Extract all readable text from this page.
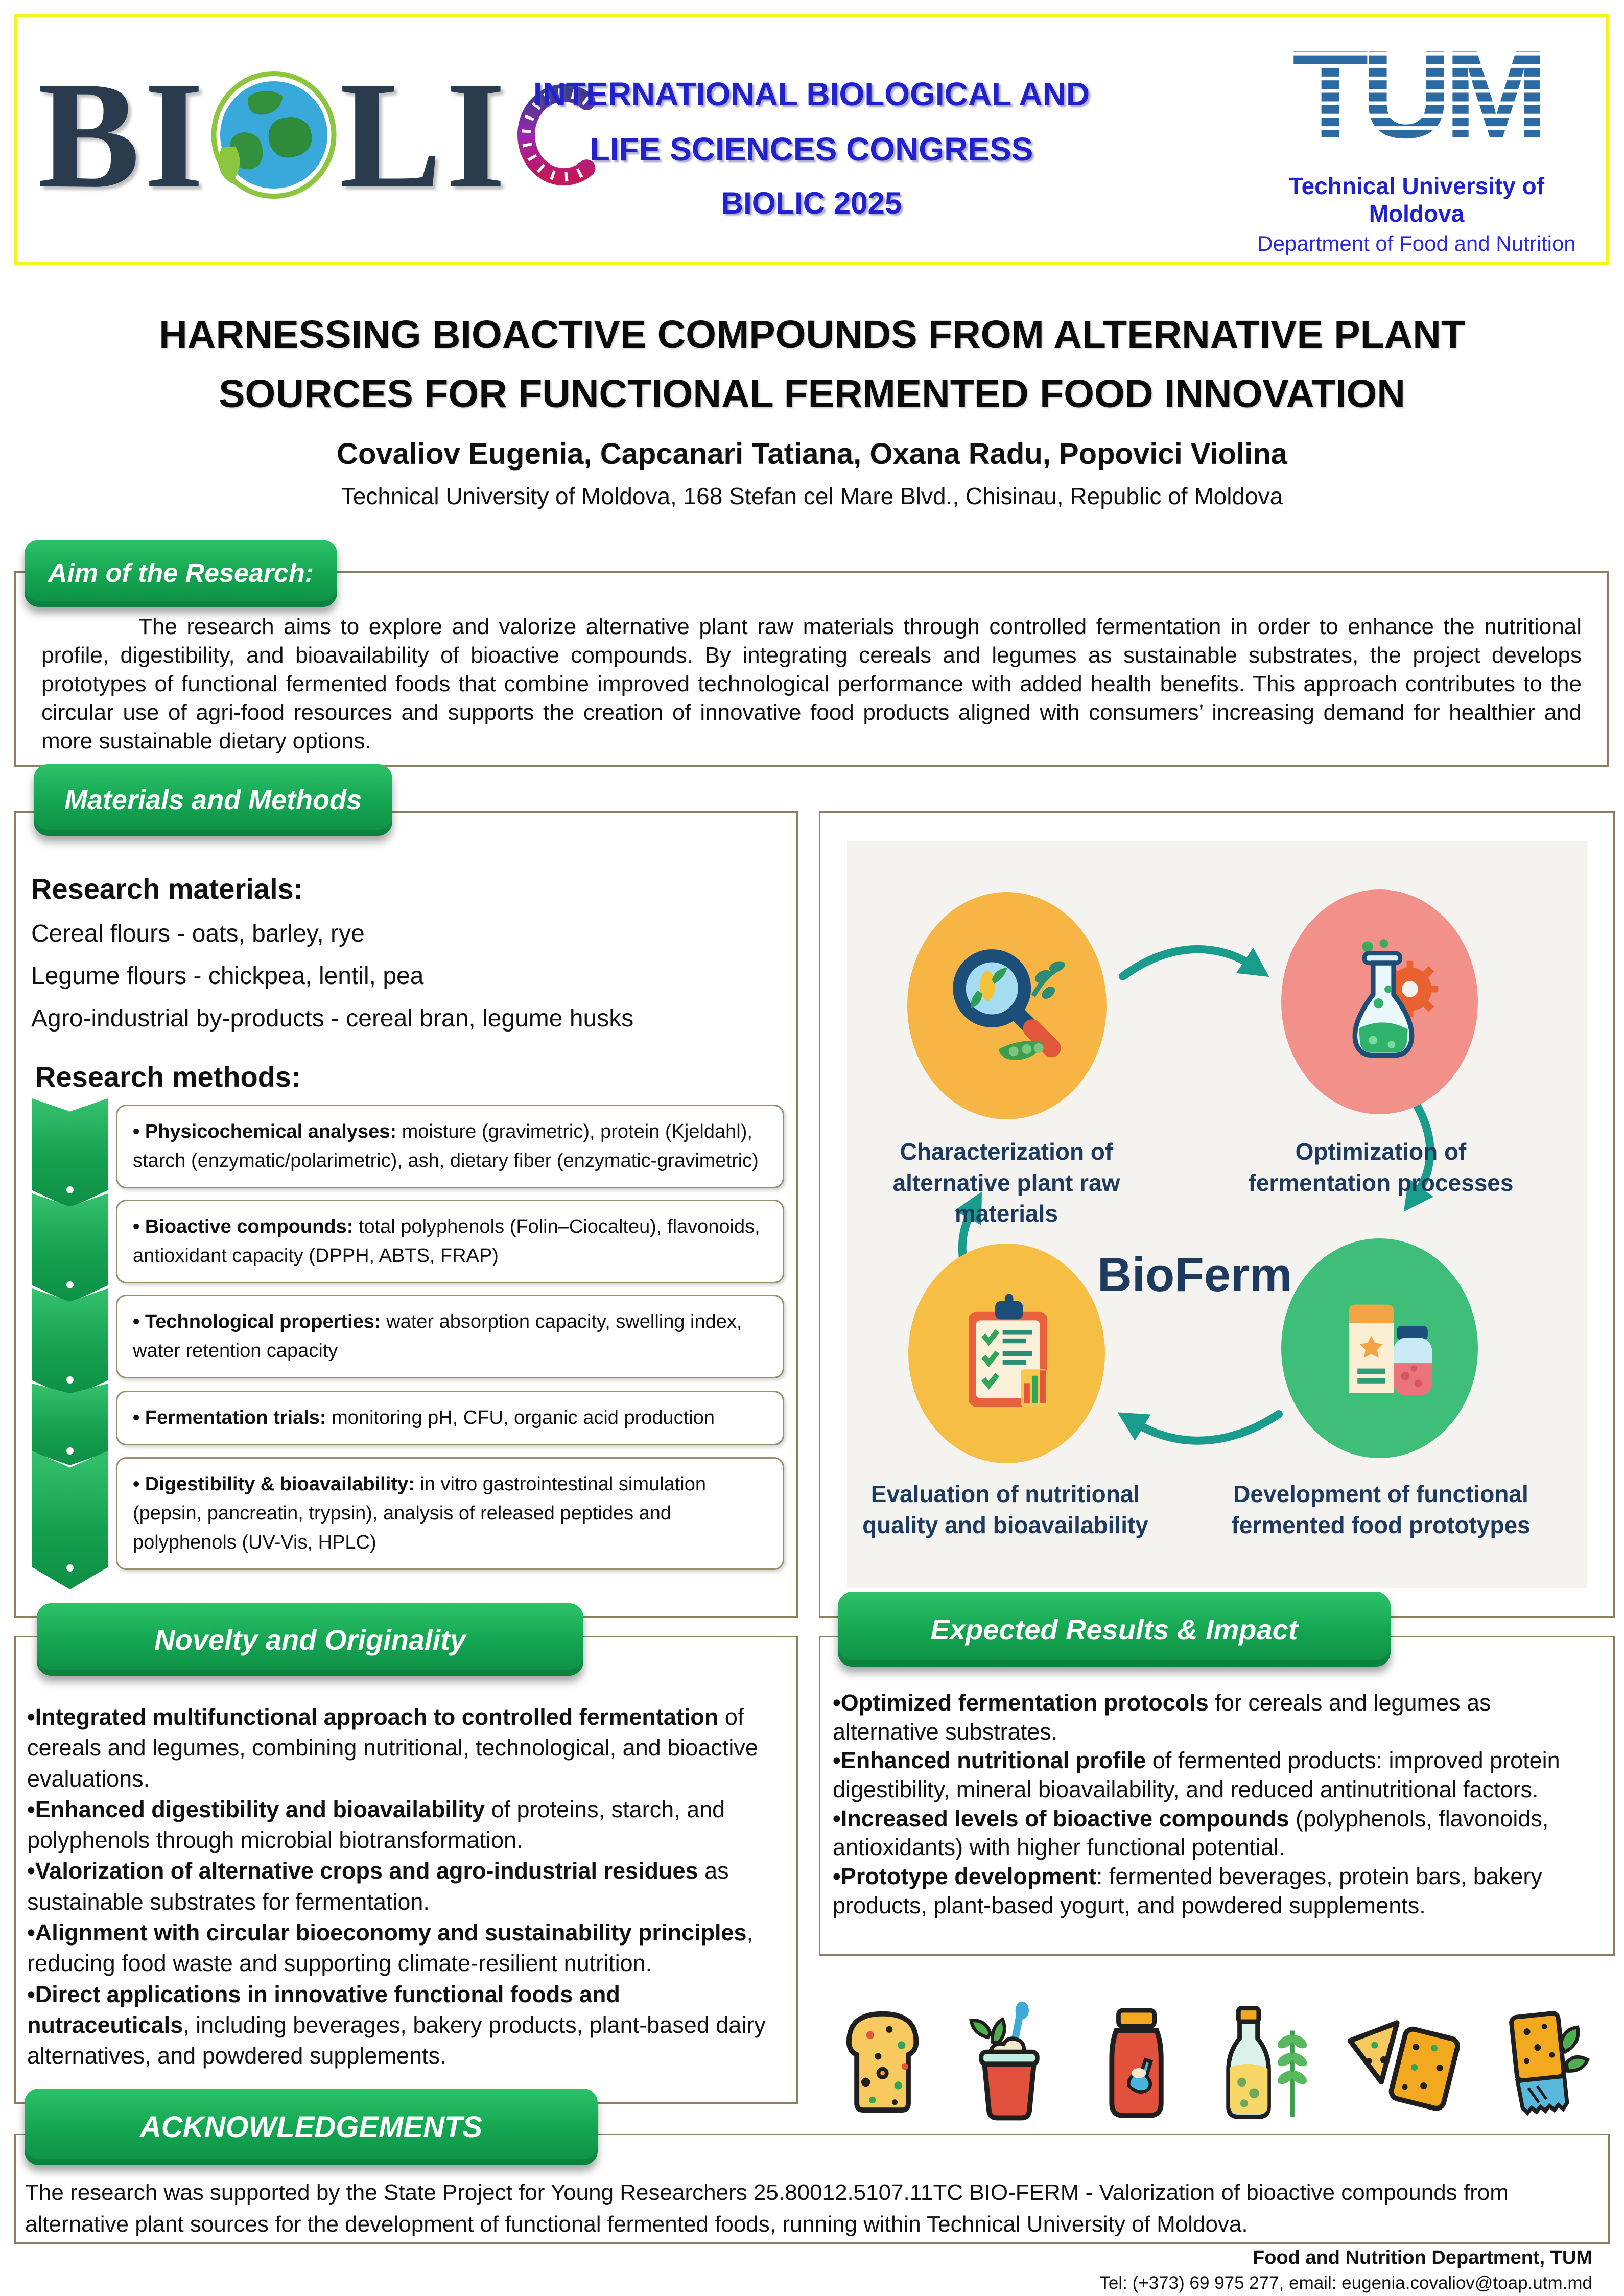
BI LI INTERNATIONAL BIOLOGICAL AND
LIFE SCIENCES CONGRESS
BIOLIC 2025
TUM
Technical University of Moldova
Department of Food and Nutrition
HARNESSING BIOACTIVE COMPOUNDS FROM ALTERNATIVE PLANT
SOURCES FOR FUNCTIONAL FERMENTED FOOD INNOVATION
Covaliov Eugenia, Capcanari Tatiana, Oxana Radu, Popovici Violina
Technical University of Moldova, 168 Stefan cel Mare Blvd., Chisinau, Republic of Moldova
Aim of the Research:

The research aims to explore and valorize alternative plant raw materials through controlled fermentation in order to enhance the nutritional profile, digestibility, and bioavailability of bioactive compounds. By integrating cereals and legumes as sustainable substrates, the project develops prototypes of functional fermented foods that combine improved technological performance with added health benefits. This approach contributes to the circular use of agri-food resources and supports the creation of innovative food products aligned with consumers’ increasing demand for healthier and more sustainable dietary options.

Materials and Methods
Research materials:
Cereal flours - oats, barley, rye
Legume flours - chickpea, lentil, pea
Agro-industrial by-products - cereal bran, legume husks
Research methods:
• Physicochemical analyses: moisture (gravimetric), protein (Kjeldahl), starch (enzymatic/polarimetric), ash, dietary fiber (enzymatic-gravimetric)
• Bioactive compounds: total polyphenols (Folin–Ciocalteu), flavonoids, antioxidant capacity (DPPH, ABTS, FRAP)
• Technological properties: water absorption capacity, swelling index, water retention capacity
• Fermentation trials: monitoring pH, CFU, organic acid production
• Digestibility & bioavailability: in vitro gastrointestinal simulation (pepsin, pancreatin, trypsin), analysis of released peptides and polyphenols (UV-Vis, HPLC)
Characterization of alternative plant raw materials
Optimization of fermentation processes
BioFerm
Evaluation of nutritional quality and bioavailability
Development of functional fermented food prototypes
Novelty and Originality

•Integrated multifunctional approach to controlled fermentation of cereals and legumes, combining nutritional, technological, and bioactive evaluations.

•Enhanced digestibility and bioavailability of proteins, starch, and polyphenols through microbial biotransformation.

•Valorization of alternative crops and agro-industrial residues as sustainable substrates for fermentation.

•Alignment with circular bioeconomy and sustainability principles, reducing food waste and supporting climate-resilient nutrition.

•Direct applications in innovative functional foods and nutraceuticals, including beverages, bakery products, plant-based dairy alternatives, and powdered supplements.

Expected Results & Impact

•Optimized fermentation protocols for cereals and legumes as alternative substrates.

•Enhanced nutritional profile of fermented products: improved protein digestibility, mineral bioavailability, and reduced antinutritional factors.

•Increased levels of bioactive compounds (polyphenols, flavonoids, antioxidants) with higher functional potential.

•Prototype development: fermented beverages, protein bars, bakery products, plant-based yogurt, and powdered supplements.

ACKNOWLEDGEMENTS

The research was supported by the State Project for Young Researchers 25.80012.5107.11TC BIO-FERM - Valorization of bioactive compounds from alternative plant sources for the development of functional fermented foods, running within Technical University of Moldova.

Food and Nutrition Department, TUM
Tel: (+373) 69 975 277, email: eugenia.covaliov@toap.utm.md
